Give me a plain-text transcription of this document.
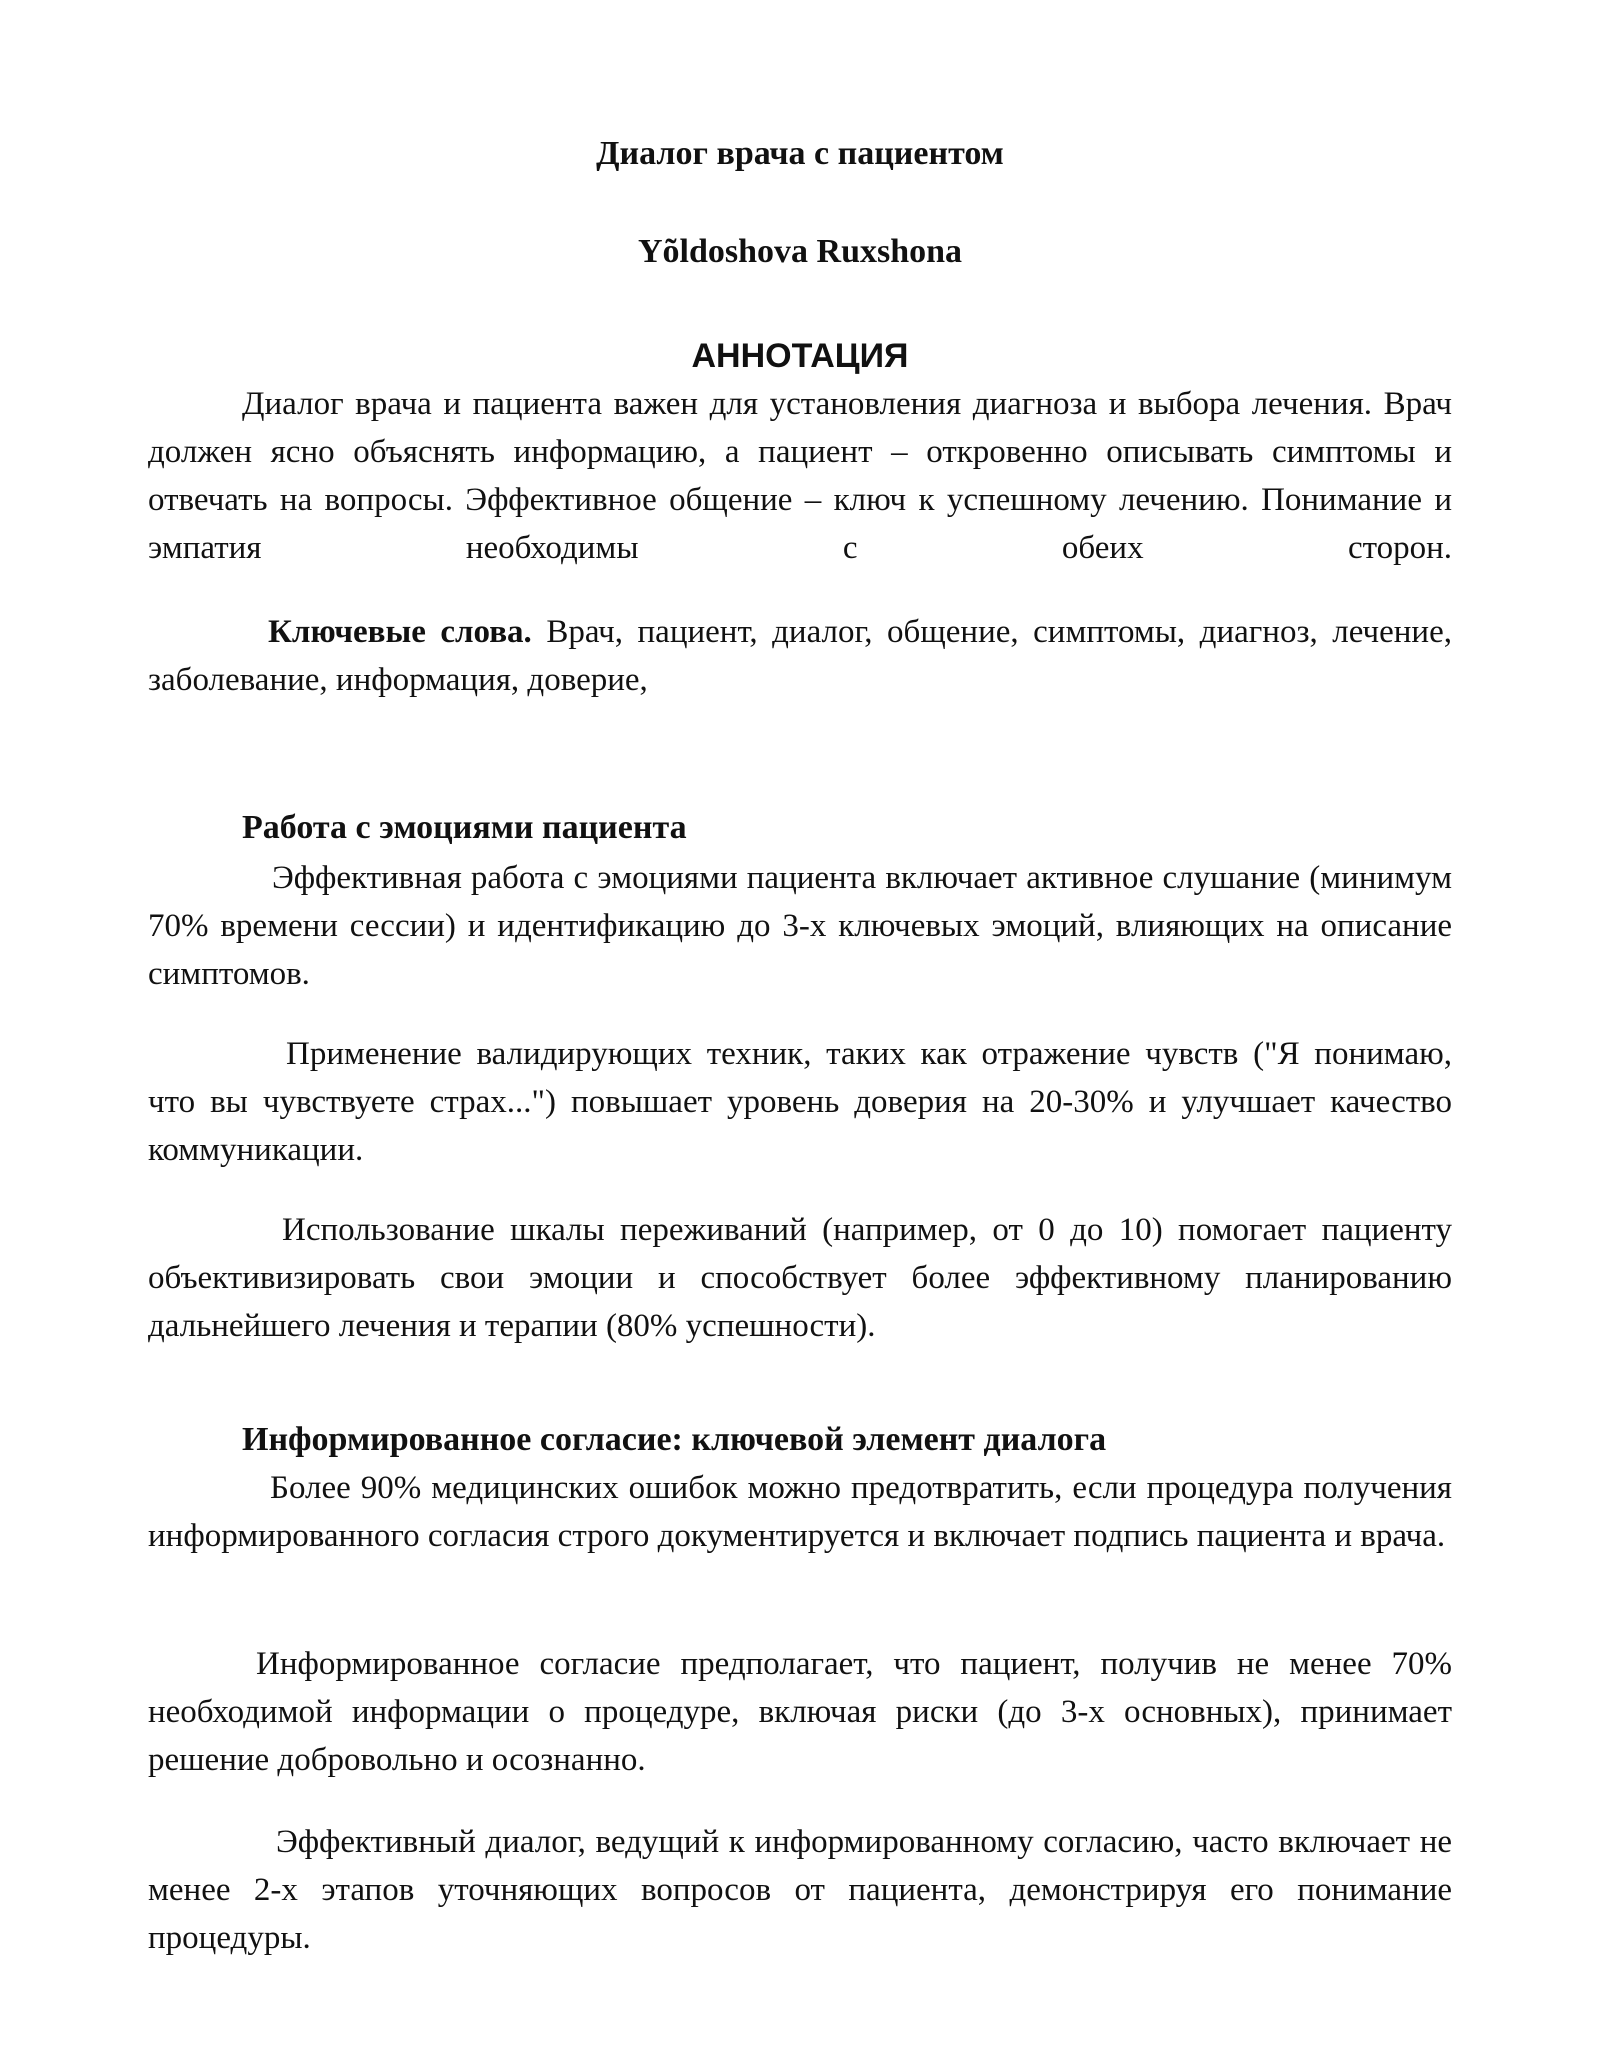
Диалог врача с пациентом
Yõldoshova Ruxshona
АННОТАЦИЯ

Диалог врача и пациента важен для установления диагноза и выбора лечения. Врач должен ясно объяснять информацию, а пациент – откровенно описывать симптомы и отвечать на вопросы. Эффективное общение – ключ к успешному лечению. Понимание и эмпатия необходимы с обеих сторон.

Ключевые слова. Врач, пациент, диалог, общение, симптомы, диагноз, лечение, заболевание, информация, доверие,

Работа с эмоциями пациента

Эффективная работа с эмоциями пациента включает активное слушание (минимум 70% времени сессии) и идентификацию до 3-х ключевых эмоций, влияющих на описание симптомов.

Применение валидирующих техник, таких как отражение чувств ("Я понимаю, что вы чувствуете страх...") повышает уровень доверия на 20-30% и улучшает качество коммуникации.

Использование шкалы переживаний (например, от 0 до 10) помогает пациенту объективизировать свои эмоции и способствует более эффективному планированию дальнейшего лечения и терапии (80% успешности).

Информированное согласие: ключевой элемент диалога

Более 90% медицинских ошибок можно предотвратить, если процедура получения информированного согласия строго документируется и включает подпись пациента и врача.

Информированное согласие предполагает, что пациент, получив не менее 70% необходимой информации о процедуре, включая риски (до 3-х основных), принимает решение добровольно и осознанно.

Эффективный диалог, ведущий к информированному согласию, часто включает не менее 2-х этапов уточняющих вопросов от пациента, демонстрируя его понимание процедуры.
